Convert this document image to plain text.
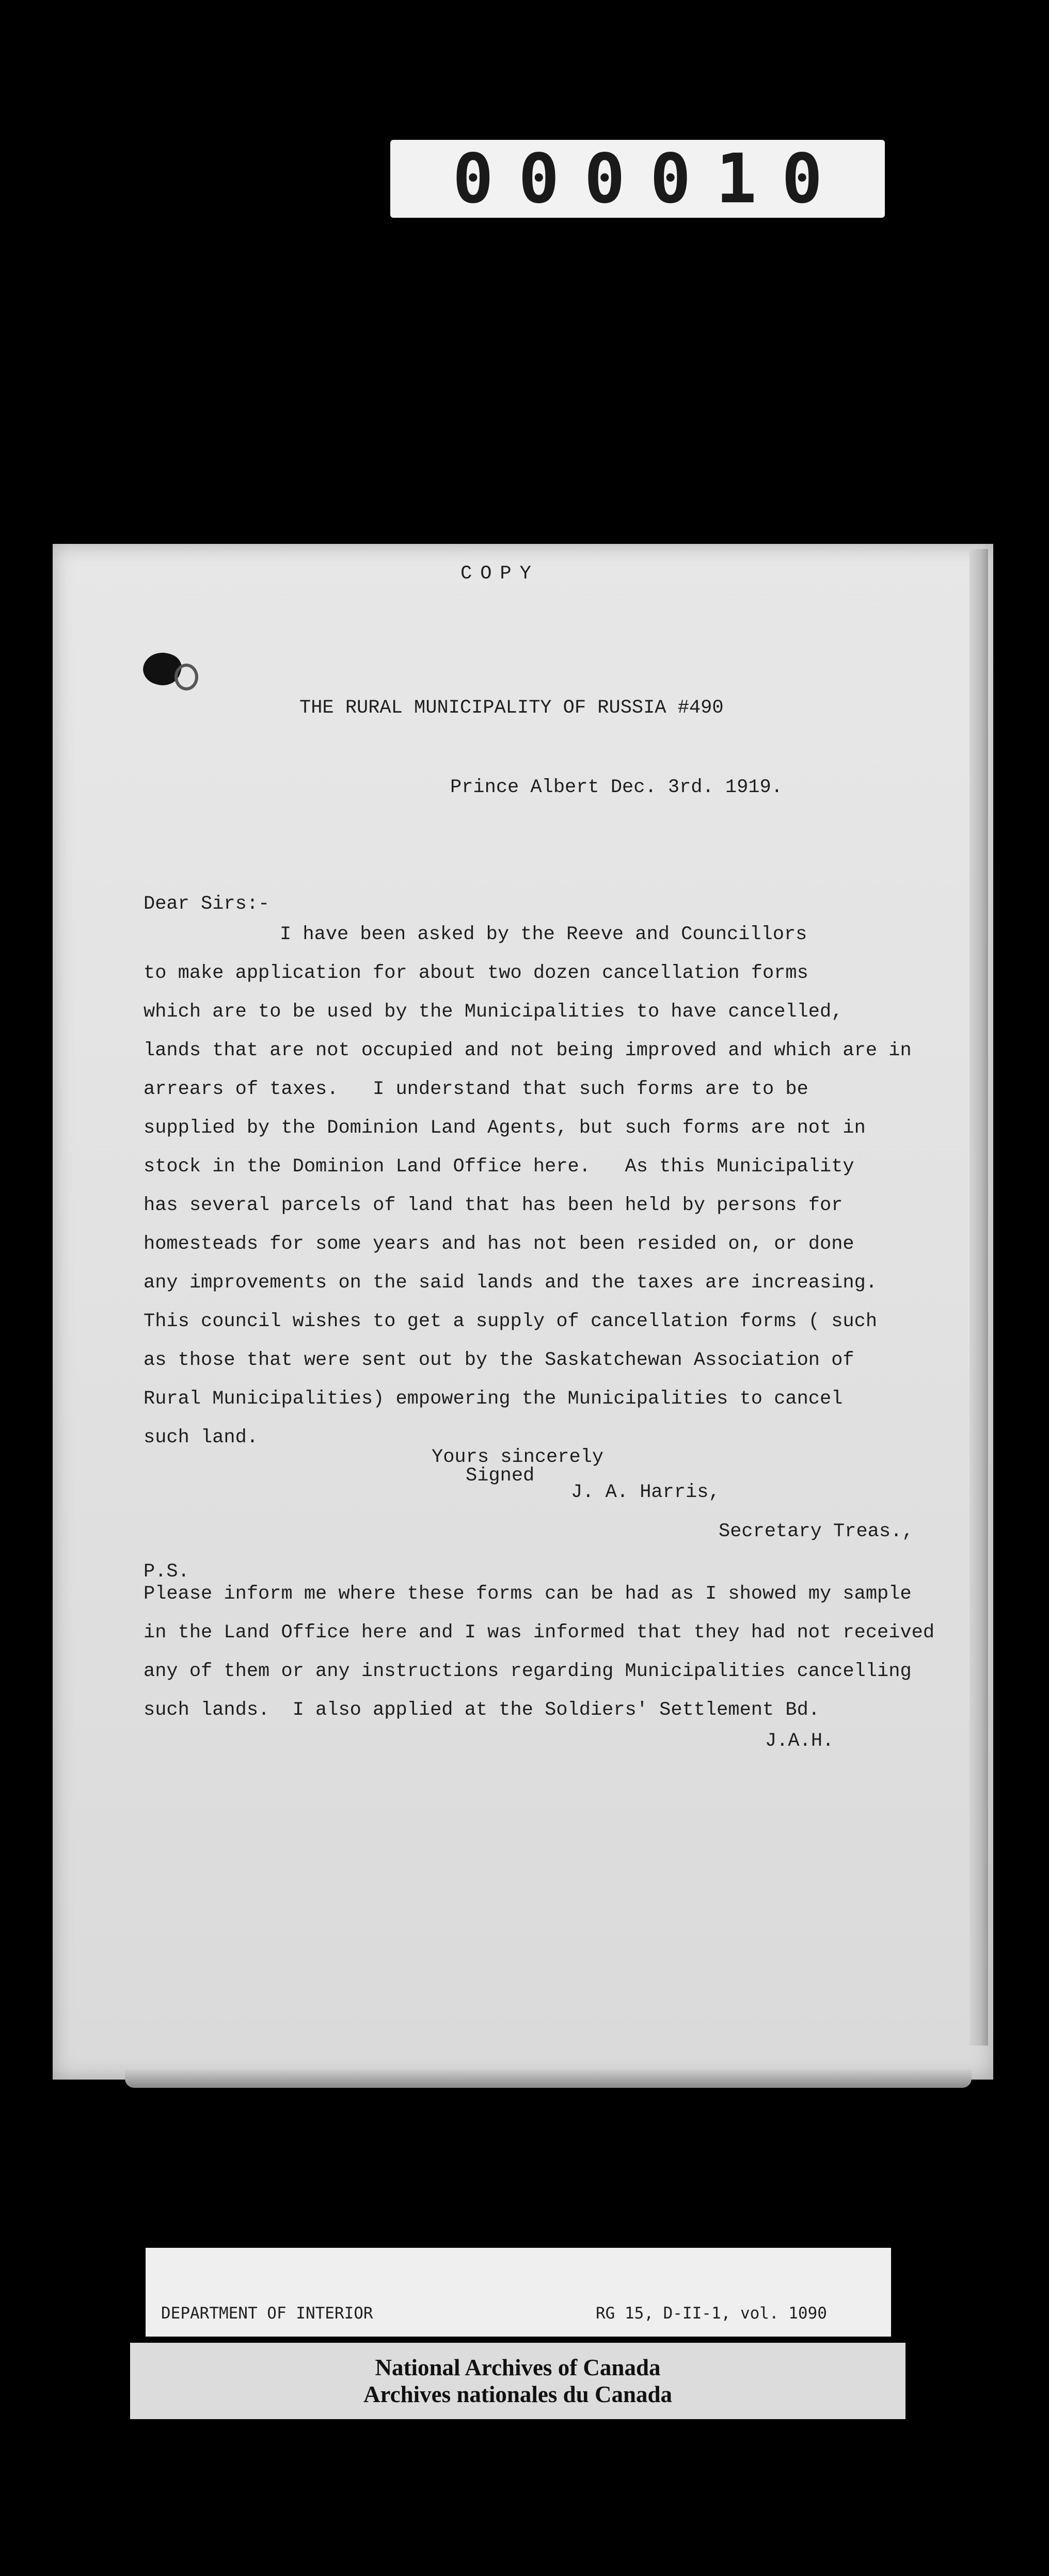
000010
COPY
THE RURAL MUNICIPALITY OF RUSSIA #490
Prince Albert Dec. 3rd. 1919.
Dear Sirs:-
I have been asked by the Reeve and Councillors
to make application for about two dozen cancellation forms
which are to be used by the Municipalities to have cancelled,
lands that are not occupied and not being improved and which are in
arrears of taxes.   I understand that such forms are to be
supplied by the Dominion Land Agents, but such forms are not in
stock in the Dominion Land Office here.   As this Municipality
has several parcels of land that has been held by persons for
homesteads for some years and has not been resided on, or done
any improvements on the said lands and the taxes are increasing.
This council wishes to get a supply of cancellation forms ( such
as those that were sent out by the Saskatchewan Association of
Rural Municipalities) empowering the Municipalities to cancel
such land.
Yours sincerely
Signed
J. A. Harris,
Secretary Treas.,
P.S.
Please inform me where these forms can be had as I showed my sample
in the Land Office here and I was informed that they had not received
any of them or any instructions regarding Municipalities cancelling
such lands.  I also applied at the Soldiers' Settlement Bd.
J.A.H.

DEPARTMENT OF INTERIOR

	RG 15, D-II-1, vol. 1090

National Archives of Canada
Archives nationales du Canada
